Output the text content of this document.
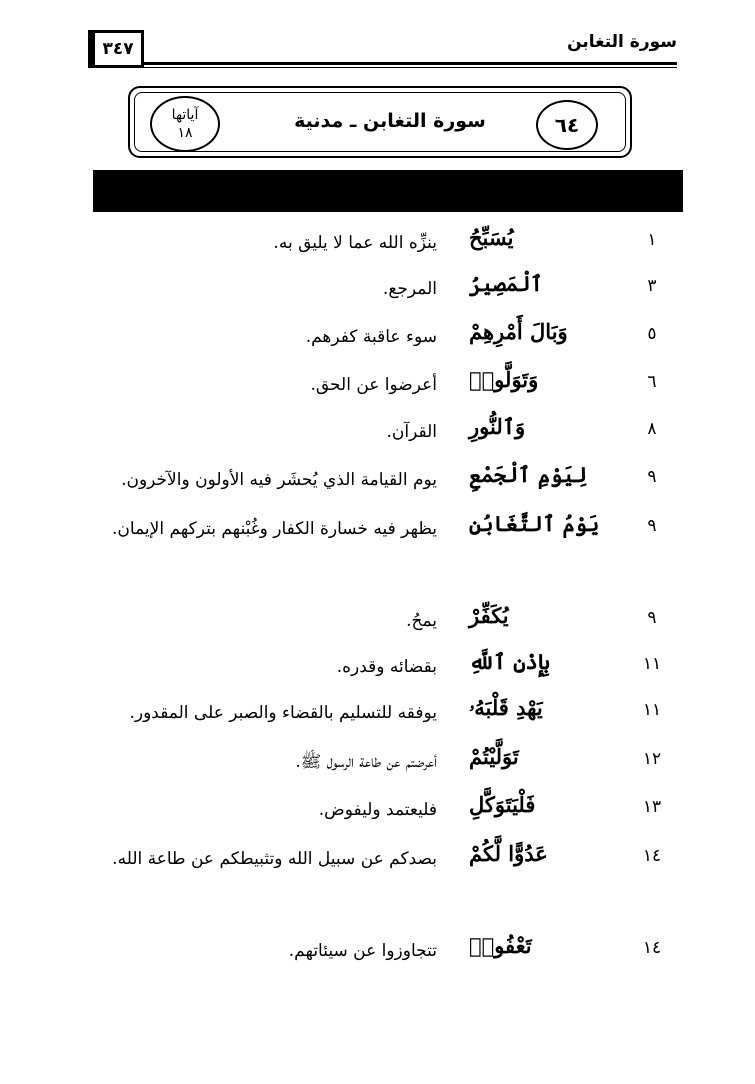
سورة التغابن
٣٤٧
٦٤
سورة التغابن ـ مدنية
آياتها
١٨
١
يُسَبِّحُ
ينزِّه الله عما لا يليق به.
٣
ٱلْمَصِيرُ
المرجع.
٥
وَبَالَ أَمْرِهِمْ
سوء عاقبة كفرهم.
٦
وَتَوَلَّوا۟
أعرضوا عن الحق.
٨
وَٱلنُّورِ
القرآن.
٩
لِيَوْمِ ٱلْجَمْعِ
يوم القيامة الذي يُحشَر فيه الأولون والآخرون.
٩
يَوْمُ ٱلتَّغَابُنِ
يظهر فيه خسارة الكفار وغُبْنهم بتركهم الإيمان.
٩
يُكَفِّرْ
يمحُ.
١١
بِإِذْنِ ٱللَّهِ
بقضائه وقدره.
١١
يَهْدِ قَلْبَهُۥ
يوفقه للتسليم بالقضاء والصبر على المقدور.
١٢
تَوَلَّيْتُمْ
أعرضتم عن طاعة الرسول ﷺ.
١٣
فَلْيَتَوَكَّلِ
فليعتمد وليفوض.
١٤
عَدُوًّا لَّكُمْ
بصدكم عن سبيل الله وتثبيطكم عن طاعة الله.
١٤
تَعْفُوا۟
تتجاوزوا عن سيئاتهم.
